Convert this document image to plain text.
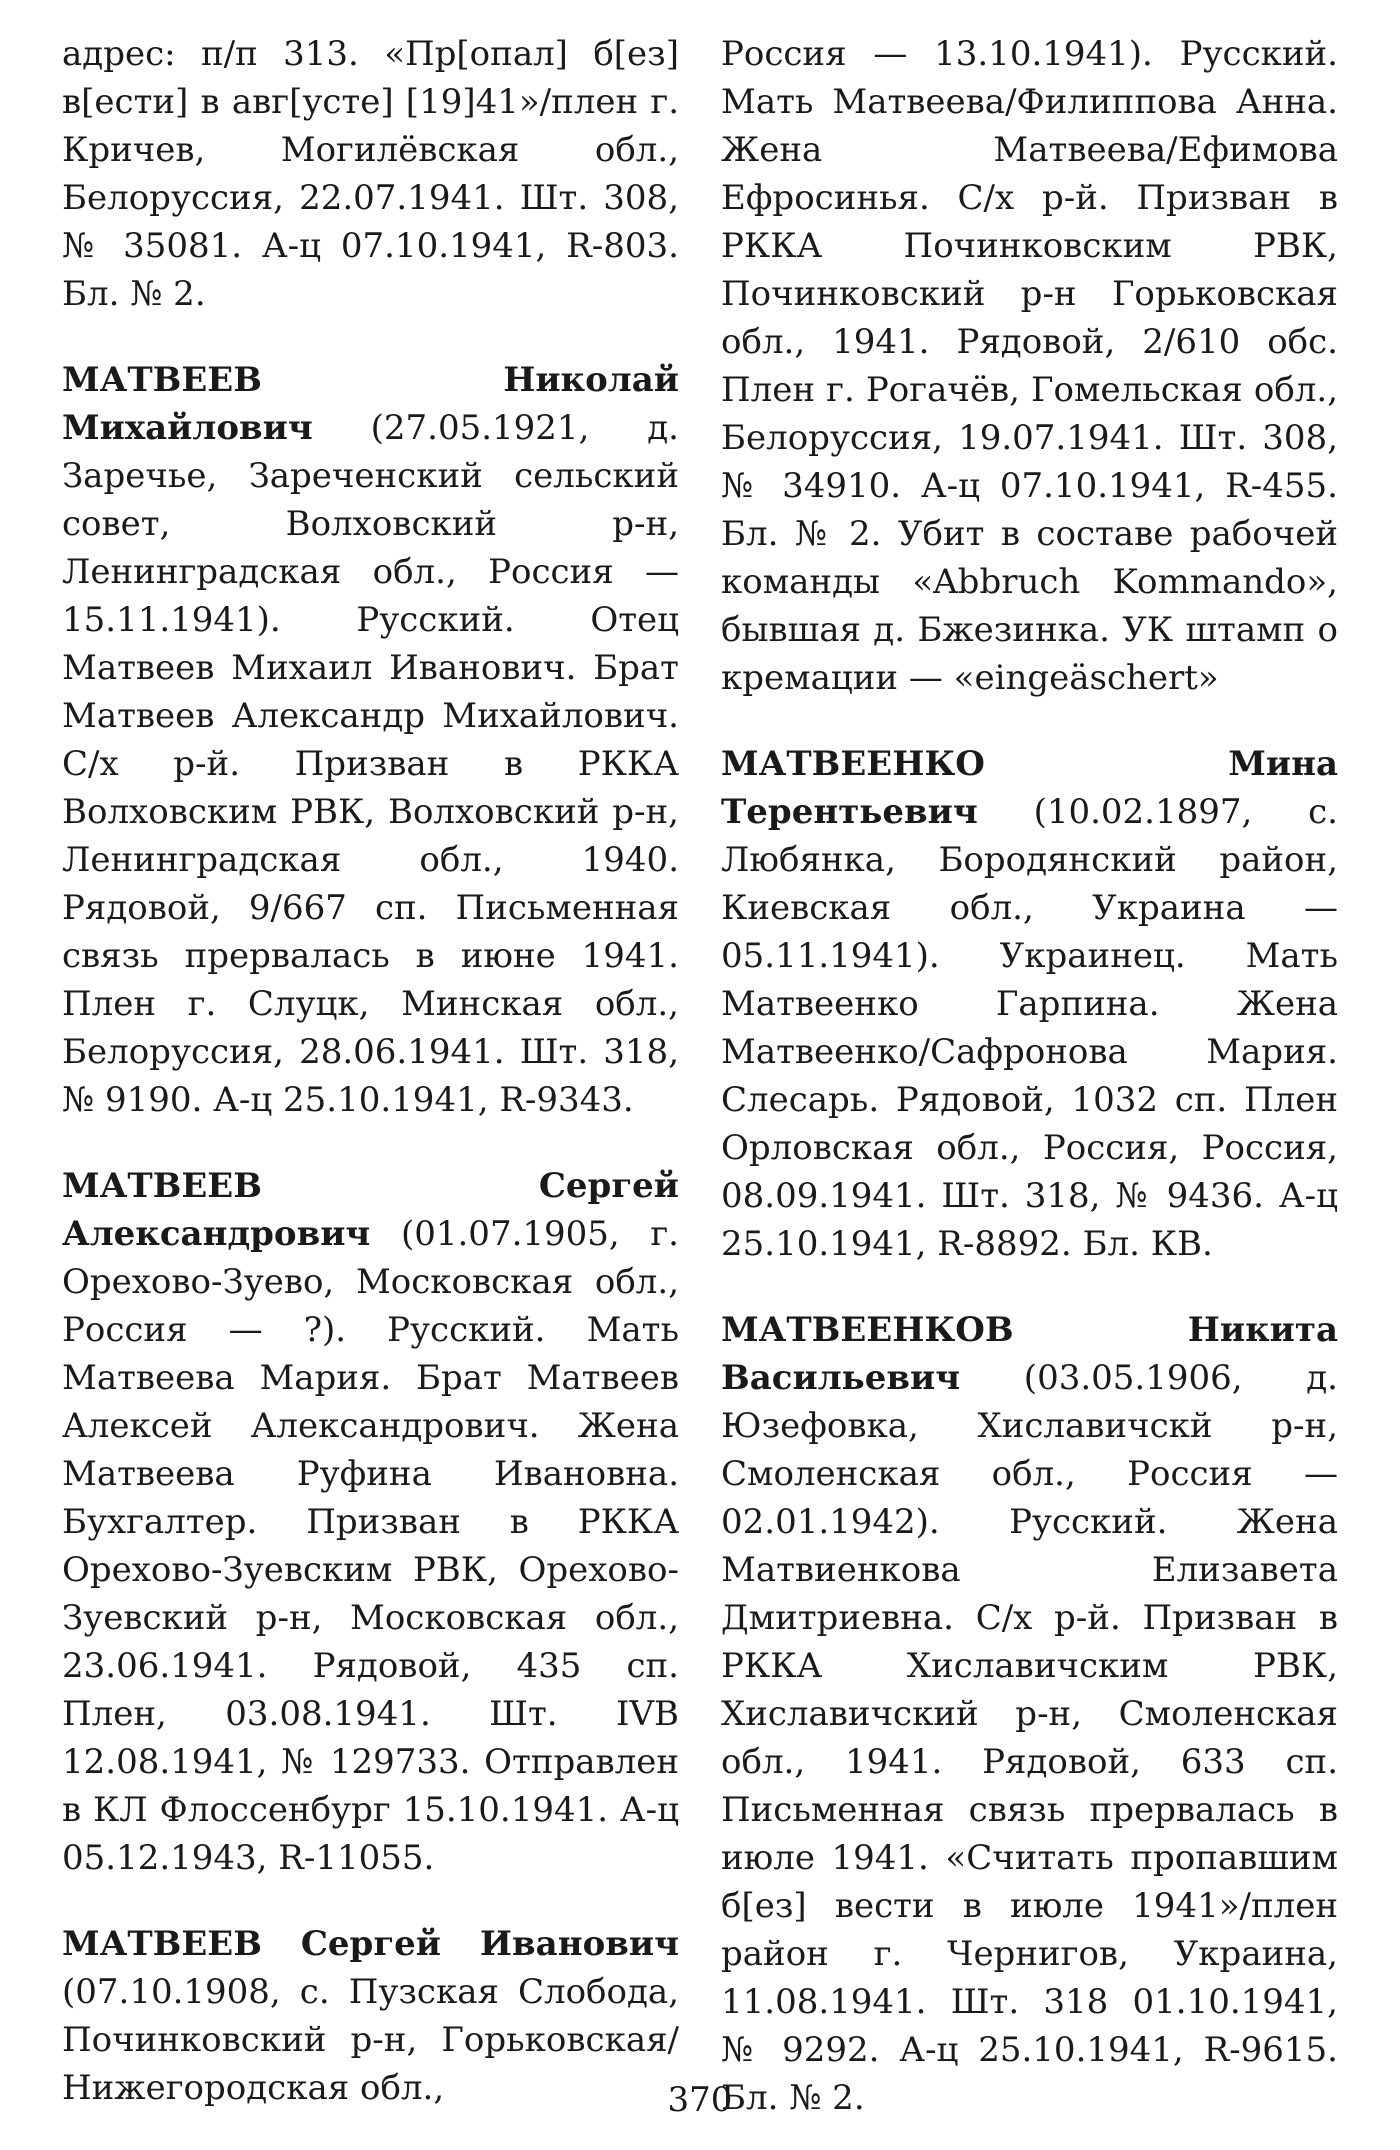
адрес: п/п 313. «Пр[опал] б[ез] в[ести] в авг[усте] [19]41»/плен г. Кричев, Могилёвская обл., Белоруссия, 22.07.1941. Шт. 308, № 35081. А-ц 07.10.1941, R-803. Бл. № 2.

МАТВЕЕВ Николай Михайлович (27.05.1921, д. Заречье, Зареченский сельский совет, Волховский р-н, Ленинградская обл., Россия — 15.11.1941). Русский. Отец Матвеев Михаил Иванович. Брат Матвеев Александр Михайлович. С/х р-й. Призван в РККА Волховским РВК, Волховский р-н, Ленинградская обл., 1940. Рядовой, 9/667 сп. Письменная связь прервалась в июне 1941. Плен г. Слуцк, Минская обл., Белоруссия, 28.06.1941. Шт. 318, № 9190. А-ц 25.10.1941, R-9343.

МАТВЕЕВ Сергей Александрович (01.07.1905, г. Орехово-Зуево, Московская обл., Россия — ?). Русский. Мать Матвеева Мария. Брат Матвеев Алексей Александрович. Жена Матвеева Руфина Ивановна. Бухгалтер. Призван в РККА Орехово-Зуевским РВК, Орехово-Зуевский р-н, Московская обл., 23.06.1941. Рядовой, 435 сп. Плен, 03.08.1941. Шт. IVB 12.08.1941, № 129733. Отправлен в КЛ Флоссенбург 15.10.1941. А-ц 05.12.1943, R-11055.

МАТВЕЕВ Сергей Иванович (07.10.1908, с. Пузская Слобода, Починковский р-н, Горьковская/Нижегородская обл.,

Россия — 13.10.1941). Русский. Мать Матвеева/Филиппова Анна. Жена Матвеева/Ефимова Ефросинья. С/х р-й. Призван в РККА Починковским РВК, Починковский р-н Горьковская обл., 1941. Рядовой, 2/610 обс. Плен г. Рогачёв, Гомельская обл., Белоруссия, 19.07.1941. Шт. 308, № 34910. А-ц 07.10.1941, R-455. Бл. № 2. Убит в составе рабочей команды «Abbruch Kommando», бывшая д. Бжезинка. УК штамп о кремации — «eingeäschert»

МАТВЕЕНКО Мина Терентьевич (10.02.1897, с. Любянка, Бородянский район, Киевская обл., Украина — 05.11.1941). Украинец. Мать Матвеенко Гарпина. Жена Матвеенко/Сафронова Мария. Слесарь. Рядовой, 1032 сп. Плен Орловская обл., Россия, Россия, 08.09.1941. Шт. 318, № 9436. А-ц 25.10.1941, R-8892. Бл. КВ.

МАТВЕЕНКОВ Никита Васильевич (03.05.1906, д. Юзефовка, Хиславичскй р-н, Смоленская обл., Россия — 02.01.1942). Русский. Жена Матвиенкова Елизавета Дмитриевна. С/х р-й. Призван в РККА Хиславичским РВК, Хиславичский р-н, Смоленская обл., 1941. Рядовой, 633 сп. Письменная связь прервалась в июле 1941. «Считать пропавшим б[ез] вести в июле 1941»/плен район г. Чернигов, Украина, 11.08.1941. Шт. 318 01.10.1941, № 9292. А-ц 25.10.1941, R-9615. Бл. № 2.

370
